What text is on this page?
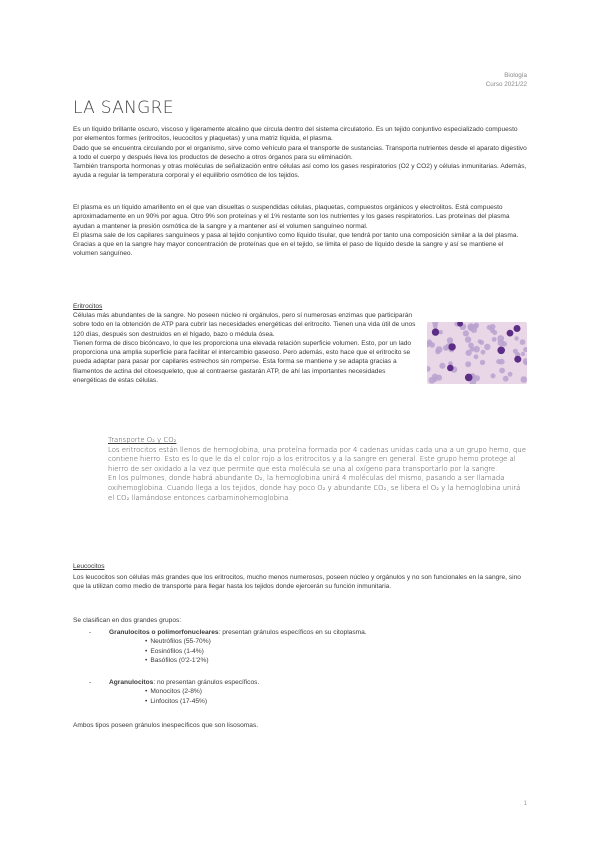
Biología
Curso 2021/22
LA SANGRE

Es un líquido brillante oscuro, viscoso y ligeramente alcalino que circula dentro del sistema circulatorio. Es un tejido conjuntivo especializado compuesto por elementos formes (eritrocitos, leucocitos y plaquetas) y una matriz líquida, el plasma.

Dado que se encuentra circulando por el organismo, sirve como vehículo para el transporte de sustancias. Transporta nutrientes desde el aparato digestivo a todo el cuerpo y después lleva los productos de desecho a otros órganos para su eliminación.

También transporta hormonas y otras moléculas de señalización entre células así como los gases respiratorios (O2 y CO2) y células inmunitarias. Además, ayuda a regular la temperatura corporal y el equilibrio osmótico de los tejidos.

El plasma es un líquido amarillento en el que van disueltas o suspendidas células, plaquetas, compuestos orgánicos y electrolitos. Está compuesto aproximadamente en un 90% por agua. Otro 9% son proteínas y el 1% restante son los nutrientes y los gases respiratorios. Las proteínas del plasma ayudan a mantener la presión osmótica de la sangre y a mantener así el volumen sanguíneo normal.

El plasma sale de los capilares sanguíneos y pasa al tejido conjuntivo como líquido tisular, que tendrá por tanto una composición similar a la del plasma. Gracias a que en la sangre hay mayor concentración de proteínas que en el tejido, se limita el paso de líquido desde la sangre y así se mantiene el volumen sanguíneo.

Eritrocitos

Células más abundantes de la sangre. No poseen núcleo ni orgánulos, pero sí numerosas enzimas que participarán sobre todo en la obtención de ATP para cubrir las necesidades energéticas del eritrocito. Tienen una vida útil de unos 120 días, después son destruidos en el hígado, bazo o médula ósea.

Tienen forma de disco bicóncavo, lo que les proporciona una elevada relación superficie volumen. Esto, por un lado proporciona una amplia superficie para facilitar el intercambio gaseoso. Pero además, esto hace que el eritrocito se pueda adaptar para pasar por capilares estrechos sin romperse. Esta forma se mantiene y se adapta gracias a filamentos de actina del citoesqueleto, que al contraerse gastarán ATP, de ahí las importantes necesidades energéticas de estas células.

Transporte O₂ y CO₂

Los eritrocitos están llenos de hemoglobina, una proteína formada por 4 cadenas unidas cada una a un grupo hemo, que contiene hierro. Esto es lo que le da el color rojo a los eritrocitos y a la sangre en general. Este grupo hemo protege al hierro de ser oxidado a la vez que permite que esta molécula se una al oxígeno para transportarlo por la sangre.

En los pulmones, donde habrá abundante O₂, la hemoglobina unirá 4 moléculas del mismo, pasando a ser llamada oxihemoglobina. Cuando llega a los tejidos, donde hay poco O₂ y abundante CO₂, se libera el O₂ y la hemoglobina unirá el CO₂ llamándose entonces carbaminohemoglobina.

Leucocitos
Los leucocitos son células más grandes que los eritrocitos, mucho menos numerosos, poseen núcleo y orgánulos y no son funcionales en la sangre, sino que la utilizan como medio de transporte para llegar hasta los tejidos donde ejercerán su función inmunitaria.
Se clasifican en dos grandes grupos:
-	Granulocitos o polimorfonucleares: presentan gránulos específicos en su citoplasma.
• Neutrófilos (55-70%)
• Eosinófilos (1-4%)
• Basófilos (0'2-1'2%)
-	Agranulocitos: no presentan gránulos específicos.
• Monocitos (2-8%)
• Linfocitos (17-45%)
Ambos tipos poseen gránulos inespecíficos que son lisosomas.
1
